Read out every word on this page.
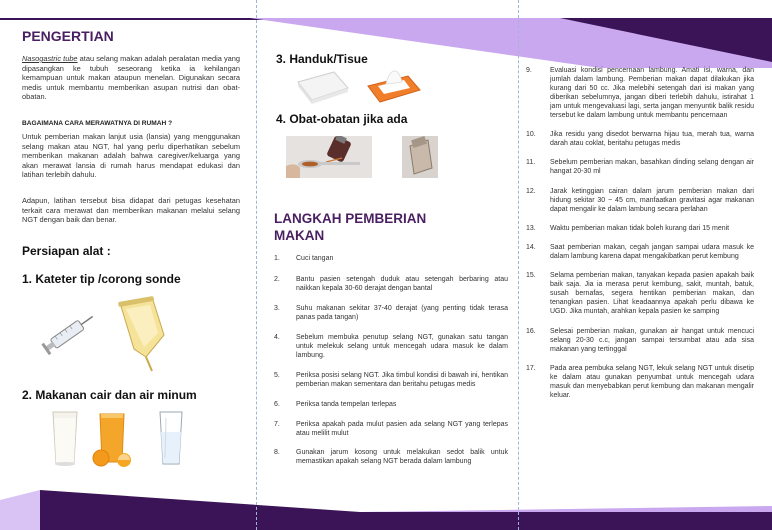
PENGERTIAN
Nasogastric tube atau selang makan adalah peralatan media yang dipasangkan ke tubuh seseorang ketika ia kehilangan kemampuan untuk makan ataupun menelan. Digunakan secara medis untuk membantu memberikan asupan nutrisi dan obat-obatan.
BAGAIMANA CARA MERAWATNYA DI RUMAH ?
Untuk pemberian makan lanjut usia (lansia) yang menggunakan selang makan atau NGT, hal yang perlu diperhatikan sebelum memberikan makanan adalah bahwa caregiver/keluarga yang akan merawat lansia di rumah harus mendapat edukasi dan latihan terlebih dahulu.
Adapun, latihan tersebut bisa didapat dari petugas kesehatan terkait cara merawat dan memberikan makanan melalui selang NGT dengan baik dan benar.
Persiapan alat :
1. Kateter tip /corong sonde
2. Makanan cair dan air minum
3. Handuk/Tisue
4. Obat-obatan jika ada
LANGKAH PEMBERIAN
MAKAN
1.	Cuci tangan
2.	Bantu pasien setengah duduk atau setengah berbaring atau naikkan kepala 30-60 derajat dengan bantal
3.	Suhu makanan sekitar 37-40 derajat (yang penting tidak terasa panas pada tangan)
4.	Sebelum membuka penutup selang NGT, gunakan satu tangan untuk melekuk selang untuk mencegah udara masuk ke dalam lambung.
5.	Periksa posisi selang NGT. Jika timbul kondisi di bawah ini, hentikan pemberian makan sementara dan beritahu petugas medis
6.	Periksa tanda tempelan terlepas
7.	Periksa apakah pada mulut pasien ada selang NGT yang terlepas atau melilit mulut
8.	Gunakan jarum kosong untuk melakukan sedot balik untuk memastikan apakah selang NGT berada dalam lambung
9.	Evaluasi kondisi pencernaan lambung. Amati isi, warna, dan jumlah dalam lambung. Pemberian makan dapat dilakukan jika kurang dari 50 cc. Jika melebihi setengah dari isi makan yang diberikan sebelumnya, jangan diberi terlebih dahulu, istirahat 1 jam untuk mengevaluasi lagi, serta jangan menyuntik balik residu tersebut ke dalam lambung untuk membantu pencernaan
10.	Jika residu yang disedot berwarna hijau tua, merah tua, warna darah atau coklat, beritahu petugas medis
11.	Sebelum pemberian makan, basahkan dinding selang dengan air hangat 20-30 ml
12.	Jarak ketinggian cairan dalam jarum pemberian makan dari hidung sekitar 30 ~ 45 cm, manfaatkan gravitasi agar makanan dapat mengalir ke dalam lambung secara perlahan
13.	Waktu pemberian makan tidak boleh kurang dari 15 menit
14.	Saat pemberian makan, cegah jangan sampai udara masuk ke dalam lambung karena dapat mengakibatkan perut kembung
15.	Selama pemberian makan, tanyakan kepada pasien apakah baik baik saja. Jia ia merasa perut kembung, sakit, muntah, batuk, susah bernafas, segera hentikan pemberian makan, dan tenangkan pasien. Lihat keadaannya apakah perlu dibawa ke UGD. Jika muntah, arahkan kepala pasien ke samping
16.	Selesai pemberian makan, gunakan air hangat untuk mencuci selang 20-30 c.c, jangan sampai tersumbat atau ada sisa makanan yang tertinggal
17.	Pada area pembuka selang NGT, lekuk selang NGT untuk disetip ke dalam atau gunakan penyumbat untuk mencegah udara masuk dan menyebabkan perut kembung dan makanan mengalir keluar.
